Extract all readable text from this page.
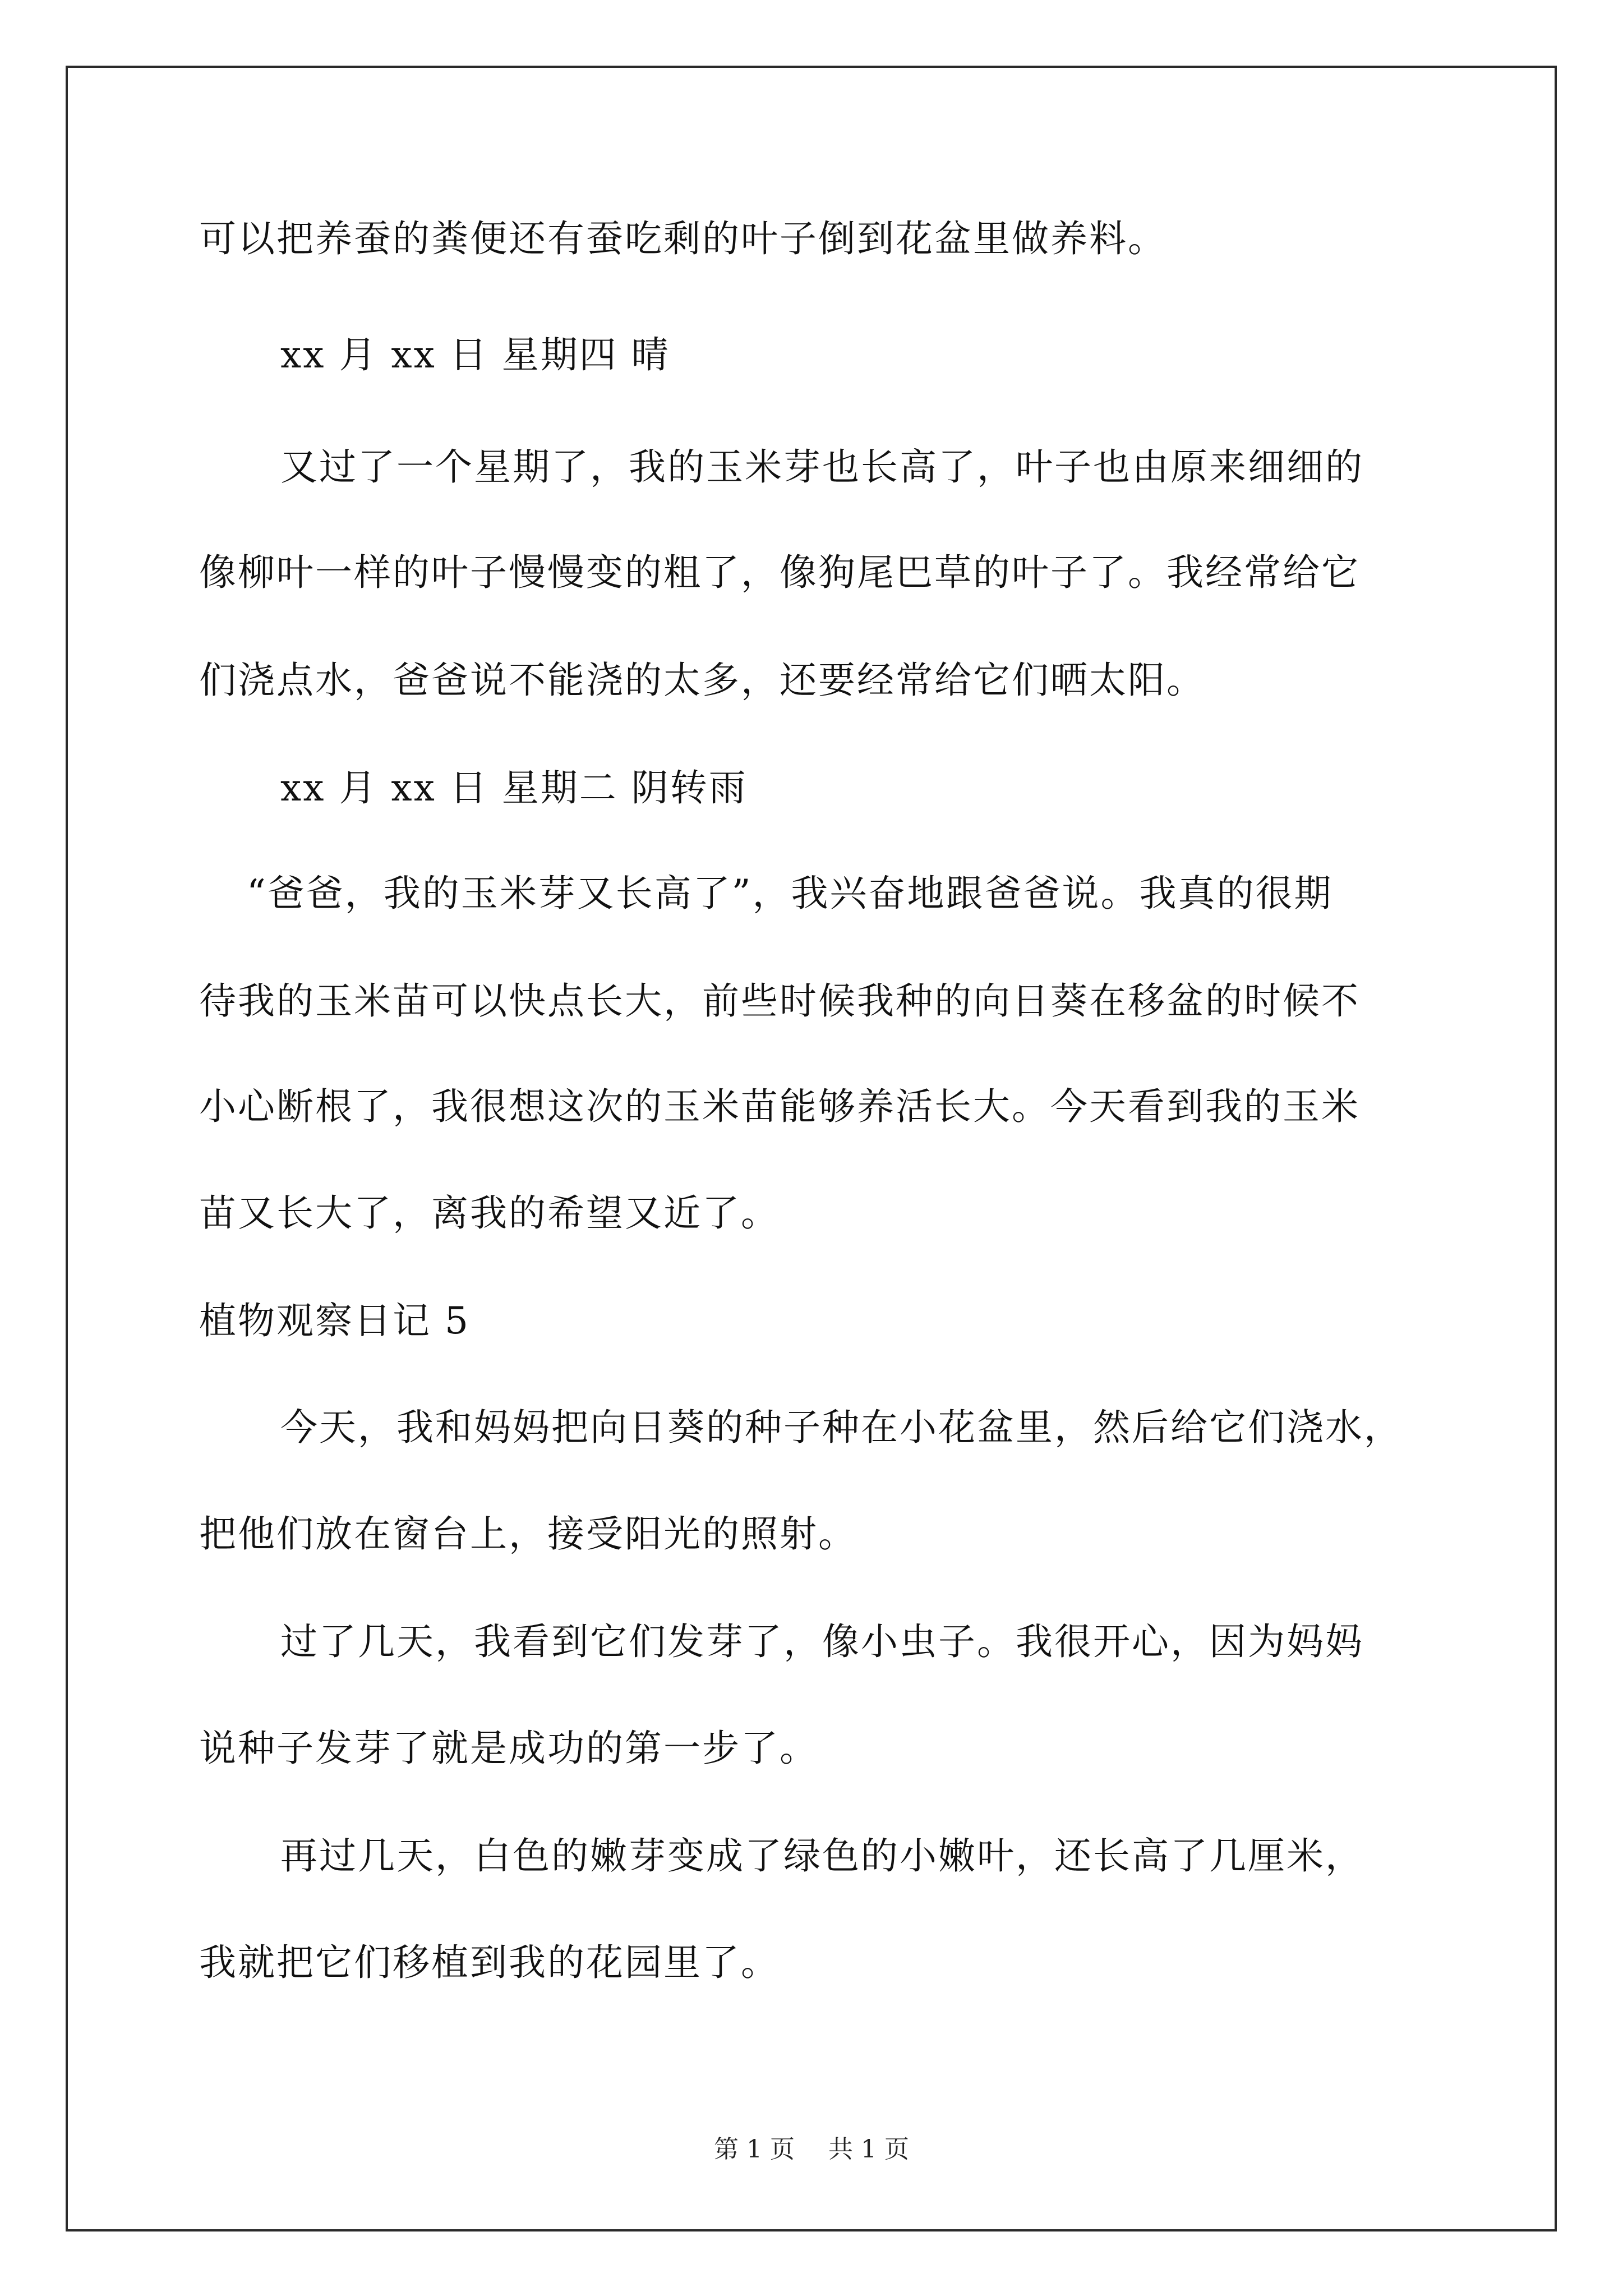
可以把养蚕的粪便还有蚕吃剩的叶子倒到花盆里做养料。
xx 月 xx 日 星期四 晴
又过了一个星期了，我的玉米芽也长高了，叶子也由原来细细的
像柳叶一样的叶子慢慢变的粗了，像狗尾巴草的叶子了。我经常给它
们浇点水，爸爸说不能浇的太多，还要经常给它们晒太阳。
xx 月 xx 日 星期二 阴转雨
“爸爸，我的玉米芽又长高了”，我兴奋地跟爸爸说。我真的很期
待我的玉米苗可以快点长大，前些时候我种的向日葵在移盆的时候不
小心断根了，我很想这次的玉米苗能够养活长大。今天看到我的玉米
苗又长大了，离我的希望又近了。
植物观察日记 5
今天，我和妈妈把向日葵的种子种在小花盆里，然后给它们浇水，
把他们放在窗台上，接受阳光的照射。
过了几天，我看到它们发芽了，像小虫子。我很开心，因为妈妈
说种子发芽了就是成功的第一步了。
再过几天，白色的嫩芽变成了绿色的小嫩叶，还长高了几厘米，
我就把它们移植到我的花园里了。
第 1 页 共 1 页
